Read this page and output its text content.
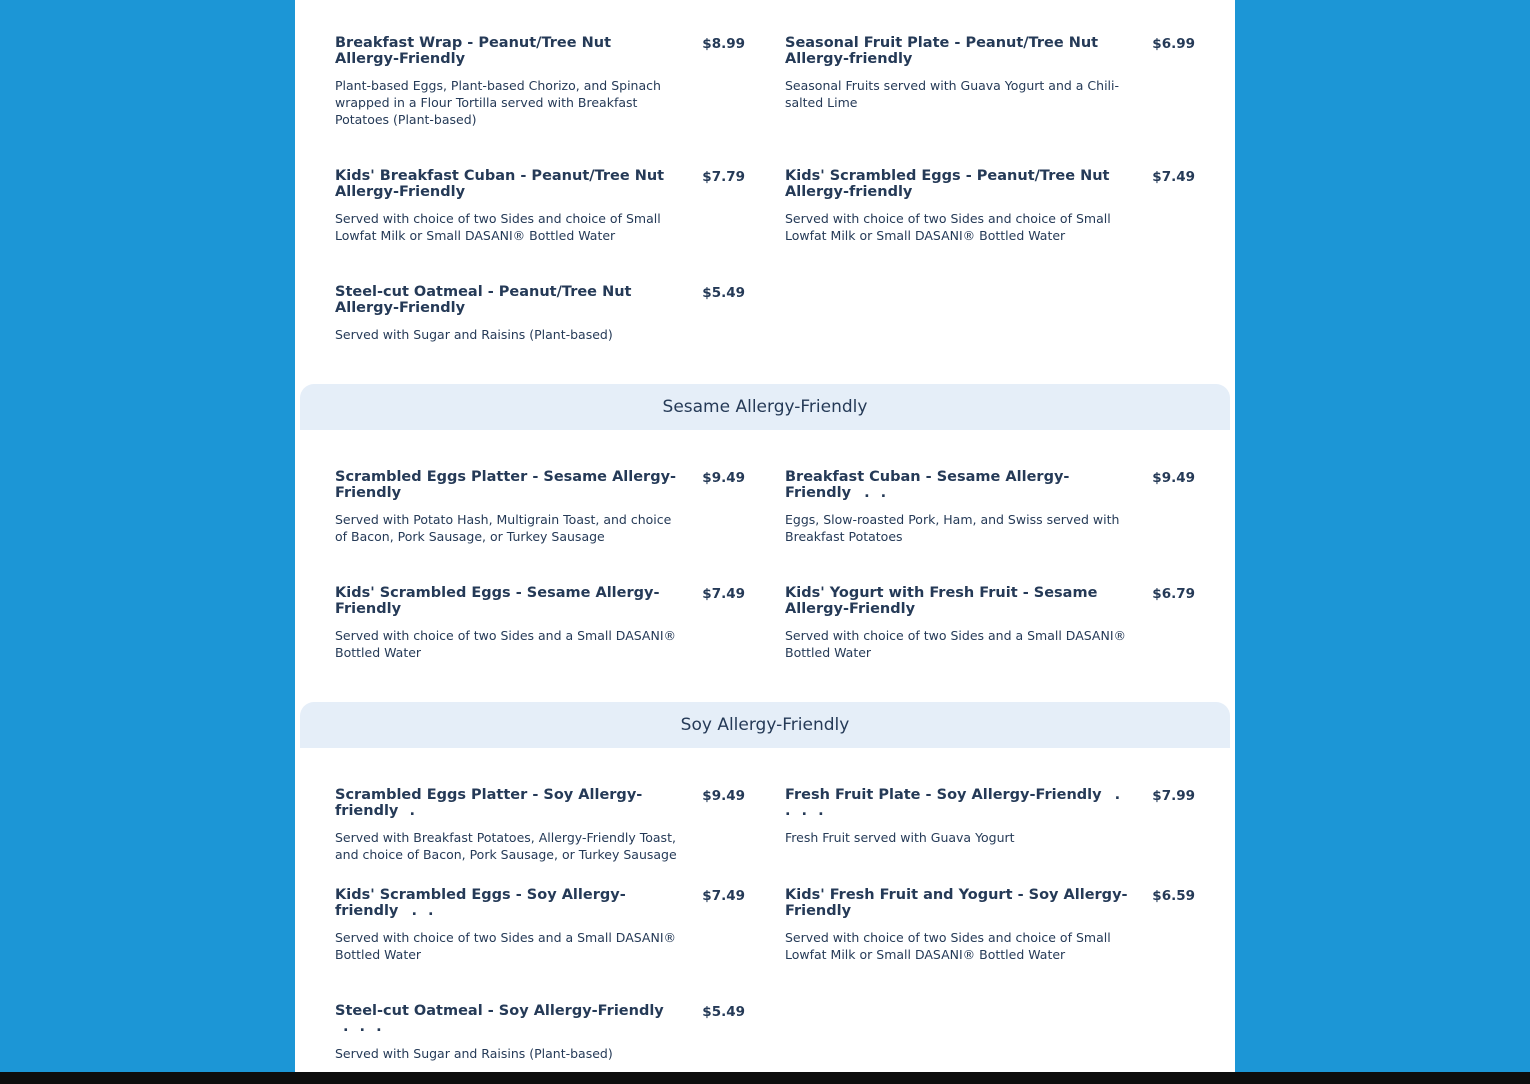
Breakfast Wrap - Peanut/Tree Nut Allergy-Friendly
$8.99
Plant-based Eggs, Plant-based Chorizo, and Spinach wrapped in a Flour Tortilla served with Breakfast Potatoes (Plant-based)
Seasonal Fruit Plate - Peanut/Tree Nut Allergy-friendly
$6.99
Seasonal Fruits served with Guava Yogurt and a Chili-salted Lime
Kids' Breakfast Cuban - Peanut/Tree Nut Allergy-Friendly
$7.79
Served with choice of two Sides and choice of Small Lowfat Milk or Small DASANI® Bottled Water
Kids' Scrambled Eggs - Peanut/Tree Nut Allergy-friendly
$7.49
Served with choice of two Sides and choice of Small Lowfat Milk or Small DASANI® Bottled Water
Steel-cut Oatmeal - Peanut/Tree Nut Allergy-Friendly
$5.49
Served with Sugar and Raisins (Plant-based)
Sesame Allergy-Friendly
Scrambled Eggs Platter - Sesame Allergy-Friendly
$9.49
Served with Potato Hash, Multigrain Toast, and choice of Bacon, Pork Sausage, or Turkey Sausage
Breakfast Cuban - Sesame Allergy-Friendly . .
$9.49
Eggs, Slow-roasted Pork, Ham, and Swiss served with Breakfast Potatoes
Kids' Scrambled Eggs - Sesame Allergy-Friendly
$7.49
Served with choice of two Sides and a Small DASANI® Bottled Water
Kids' Yogurt with Fresh Fruit - Sesame Allergy-Friendly
$6.79
Served with choice of two Sides and a Small DASANI® Bottled Water
Soy Allergy-Friendly
Scrambled Eggs Platter - Soy Allergy-friendly .
$9.49
Served with Breakfast Potatoes, Allergy-Friendly Toast, and choice of Bacon, Pork Sausage, or Turkey Sausage
Fresh Fruit Plate - Soy Allergy-Friendly . . . .
$7.99
Fresh Fruit served with Guava Yogurt
Kids' Scrambled Eggs - Soy Allergy-friendly . .
$7.49
Served with choice of two Sides and a Small DASANI® Bottled Water
Kids' Fresh Fruit and Yogurt - Soy Allergy-Friendly
$6.59
Served with choice of two Sides and choice of Small Lowfat Milk or Small DASANI® Bottled Water
Steel-cut Oatmeal - Soy Allergy-Friendly . . .
$5.49
Served with Sugar and Raisins (Plant-based)
